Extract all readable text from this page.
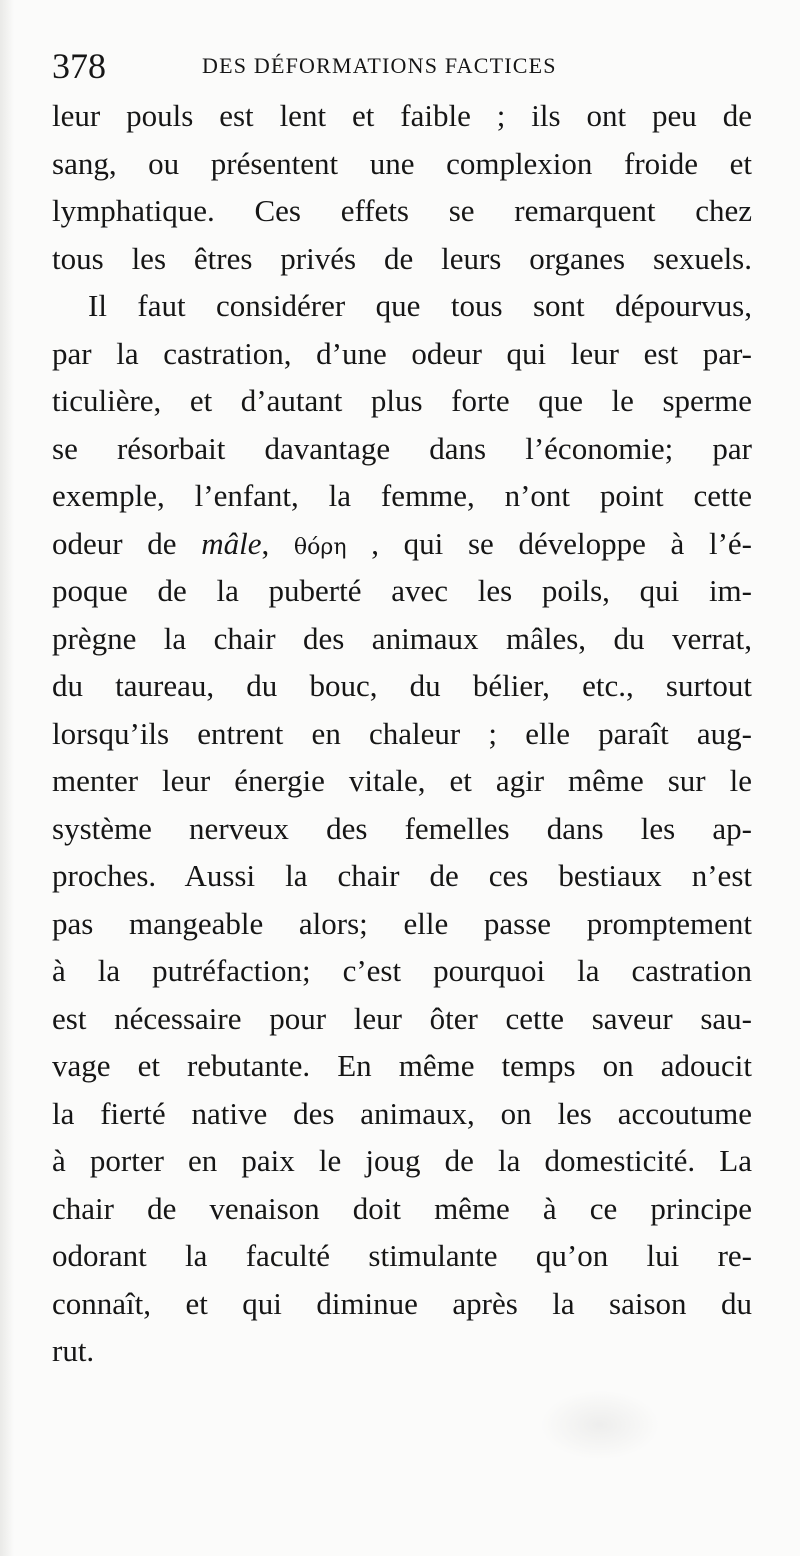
378	DES DÉFORMATIONS FACTICES
leur pouls est lent et faible ; ils ont peu de
sang, ou présentent une complexion froide et
lymphatique. Ces effets se remarquent chez
tous les êtres privés de leurs organes sexuels.
Il faut considérer que tous sont dépourvus,
par la castration, d’une odeur qui leur est par-
ticulière, et d’autant plus forte que le sperme
se résorbait davantage dans l’économie; par
exemple, l’enfant, la femme, n’ont point cette
odeur de mâle, θόρη , qui se développe à l’é-
poque de la puberté avec les poils, qui im-
prègne la chair des animaux mâles, du verrat,
du taureau, du bouc, du bélier, etc., surtout
lorsqu’ils entrent en chaleur ; elle paraît aug-
menter leur énergie vitale, et agir même sur le
système nerveux des femelles dans les ap-
proches. Aussi la chair de ces bestiaux n’est
pas mangeable alors; elle passe promptement
à la putréfaction; c’est pourquoi la castration
est nécessaire pour leur ôter cette saveur sau-
vage et rebutante. En même temps on adoucit
la fierté native des animaux, on les accoutume
à porter en paix le joug de la domesticité. La
chair de venaison doit même à ce principe
odorant la faculté stimulante qu’on lui re-
connaît, et qui diminue après la saison du
rut.
